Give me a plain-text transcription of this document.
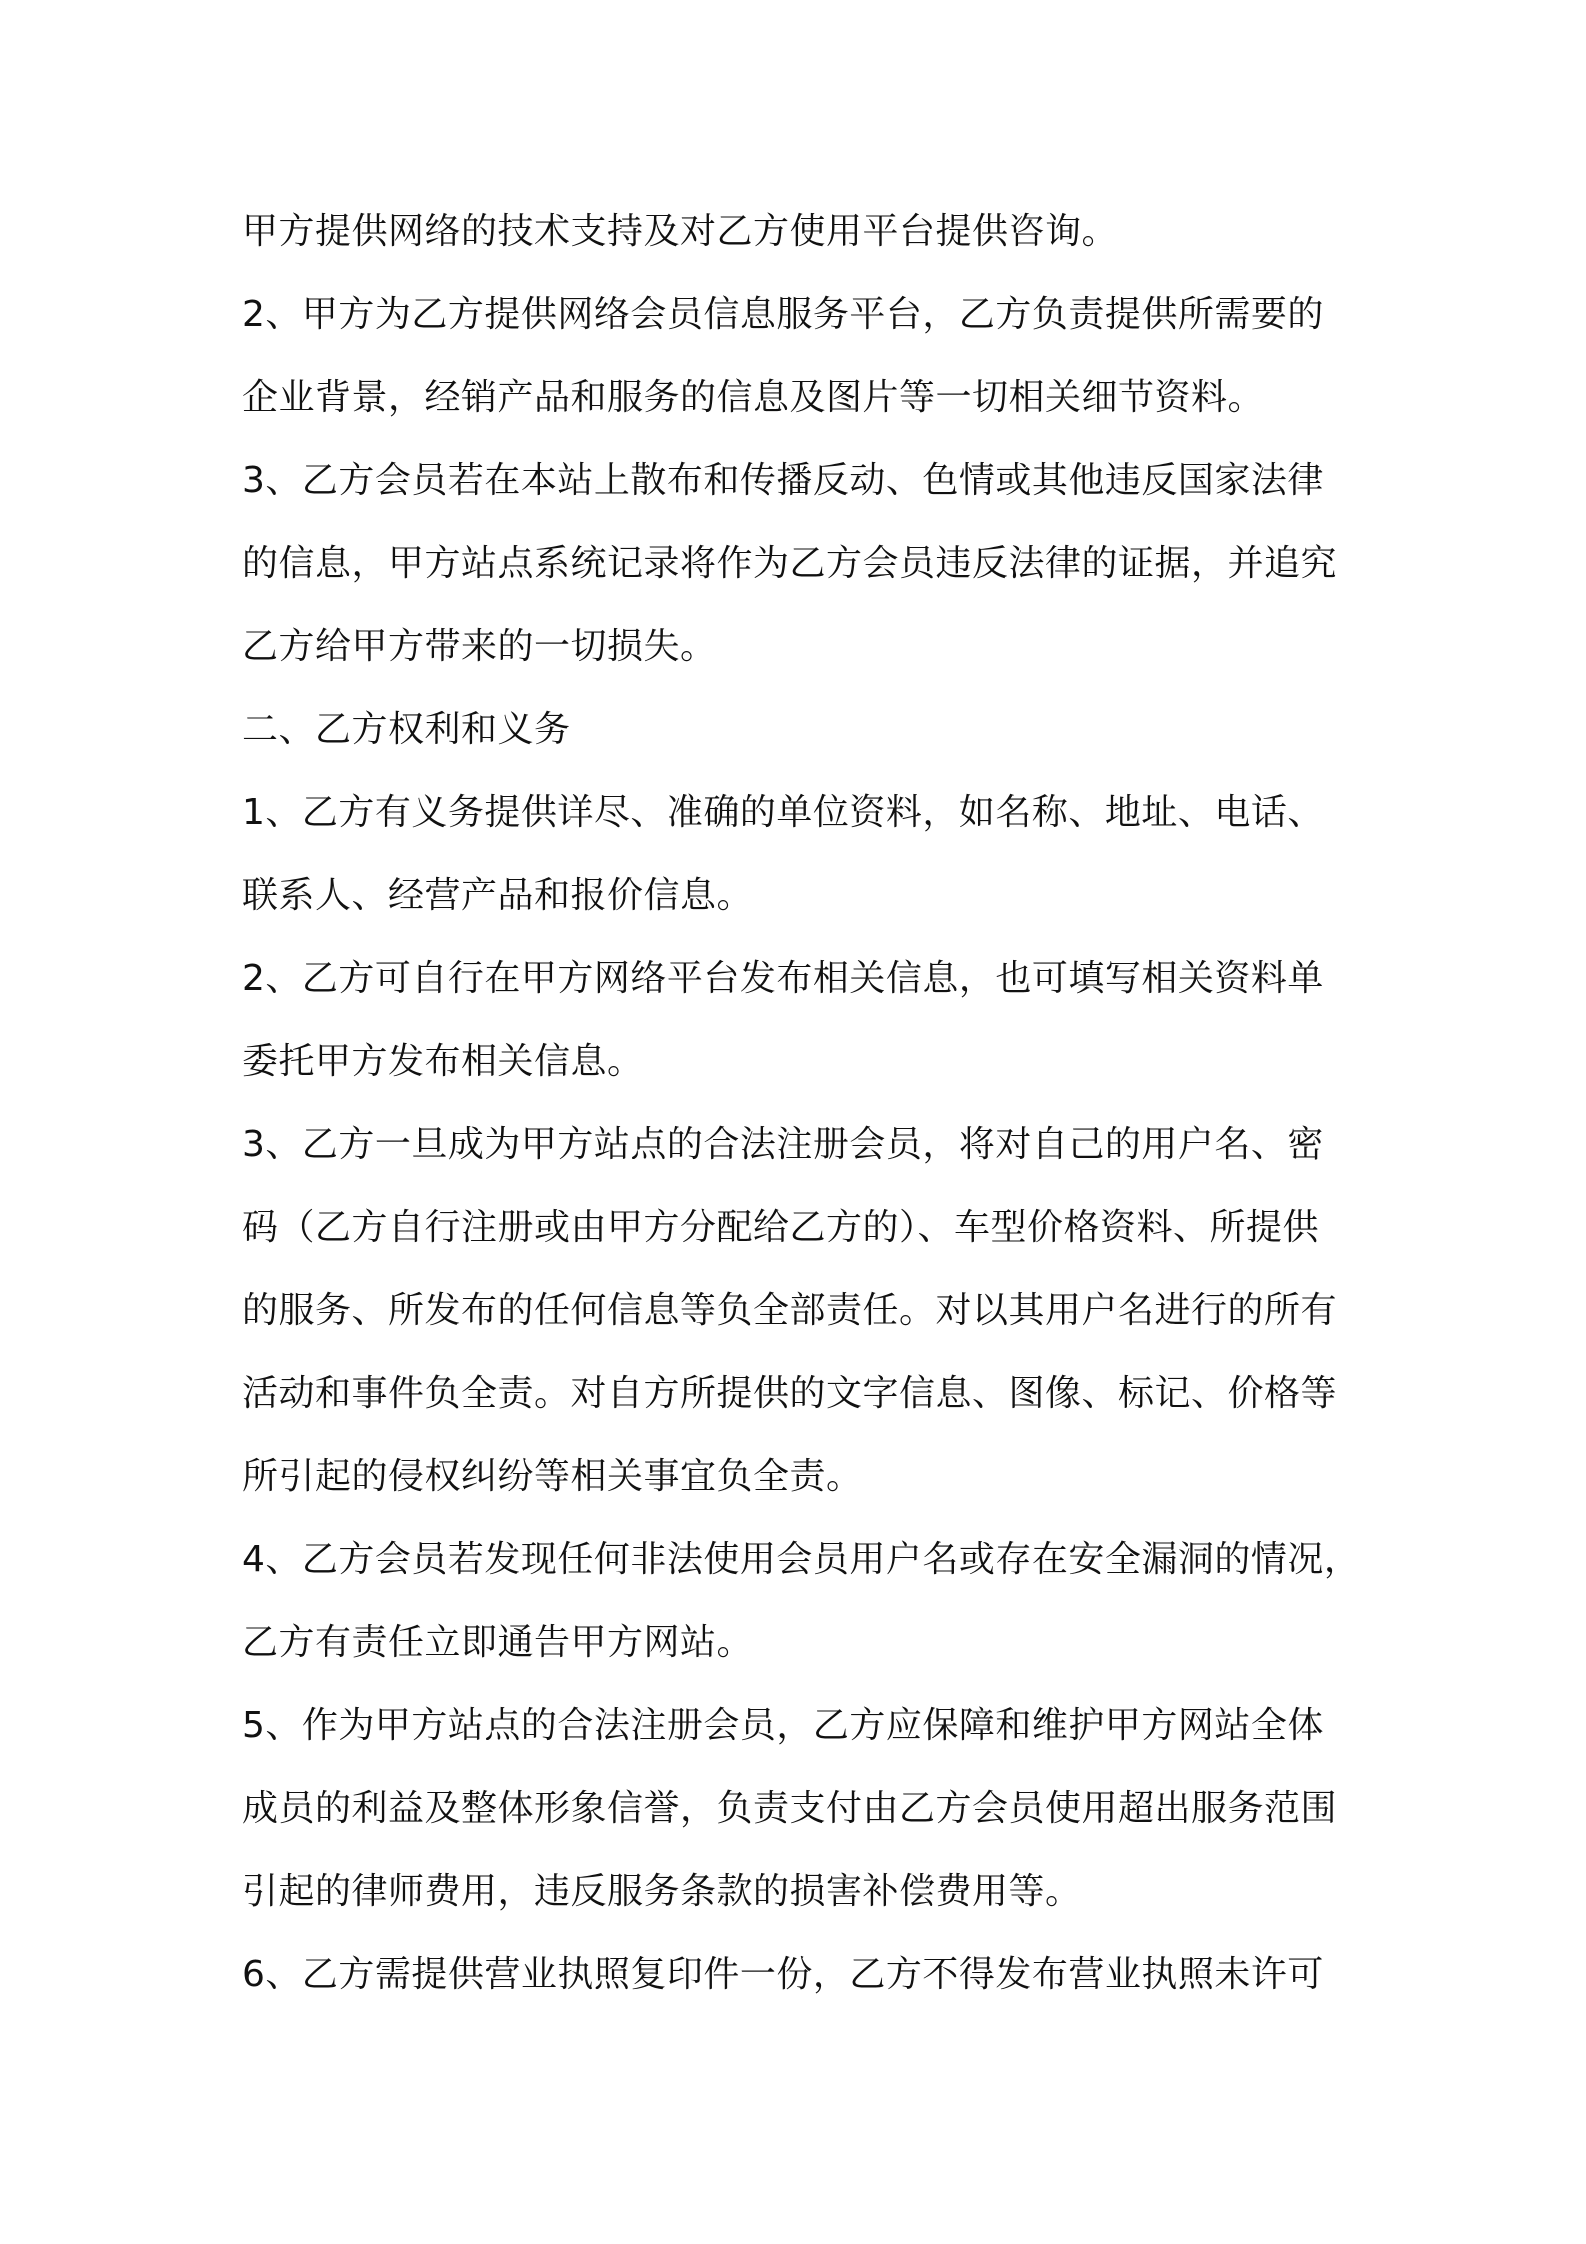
甲方提供网络的技术支持及对乙方使用平台提供咨询。

2、甲方为乙方提供网络会员信息服务平台，乙方负责提供所需要的

企业背景，经销产品和服务的信息及图片等一切相关细节资料。

3、乙方会员若在本站上散布和传播反动、色情或其他违反国家法律

的信息，甲方站点系统记录将作为乙方会员违反法律的证据，并追究

乙方给甲方带来的一切损失。

二、乙方权利和义务

1、乙方有义务提供详尽、准确的单位资料，如名称、地址、电话、

联系人、经营产品和报价信息。

2、乙方可自行在甲方网络平台发布相关信息，也可填写相关资料单

委托甲方发布相关信息。

3、乙方一旦成为甲方站点的合法注册会员，将对自己的用户名、密

码（乙方自行注册或由甲方分配给乙方的）、车型价格资料、所提供

的服务、所发布的任何信息等负全部责任。对以其用户名进行的所有

活动和事件负全责。对自方所提供的文字信息、图像、标记、价格等

所引起的侵权纠纷等相关事宜负全责。

4、乙方会员若发现任何非法使用会员用户名或存在安全漏洞的情况，

乙方有责任立即通告甲方网站。

5、作为甲方站点的合法注册会员，乙方应保障和维护甲方网站全体

成员的利益及整体形象信誉，负责支付由乙方会员使用超出服务范围

引起的律师费用，违反服务条款的损害补偿费用等。

6、乙方需提供营业执照复印件一份，乙方不得发布营业执照未许可
